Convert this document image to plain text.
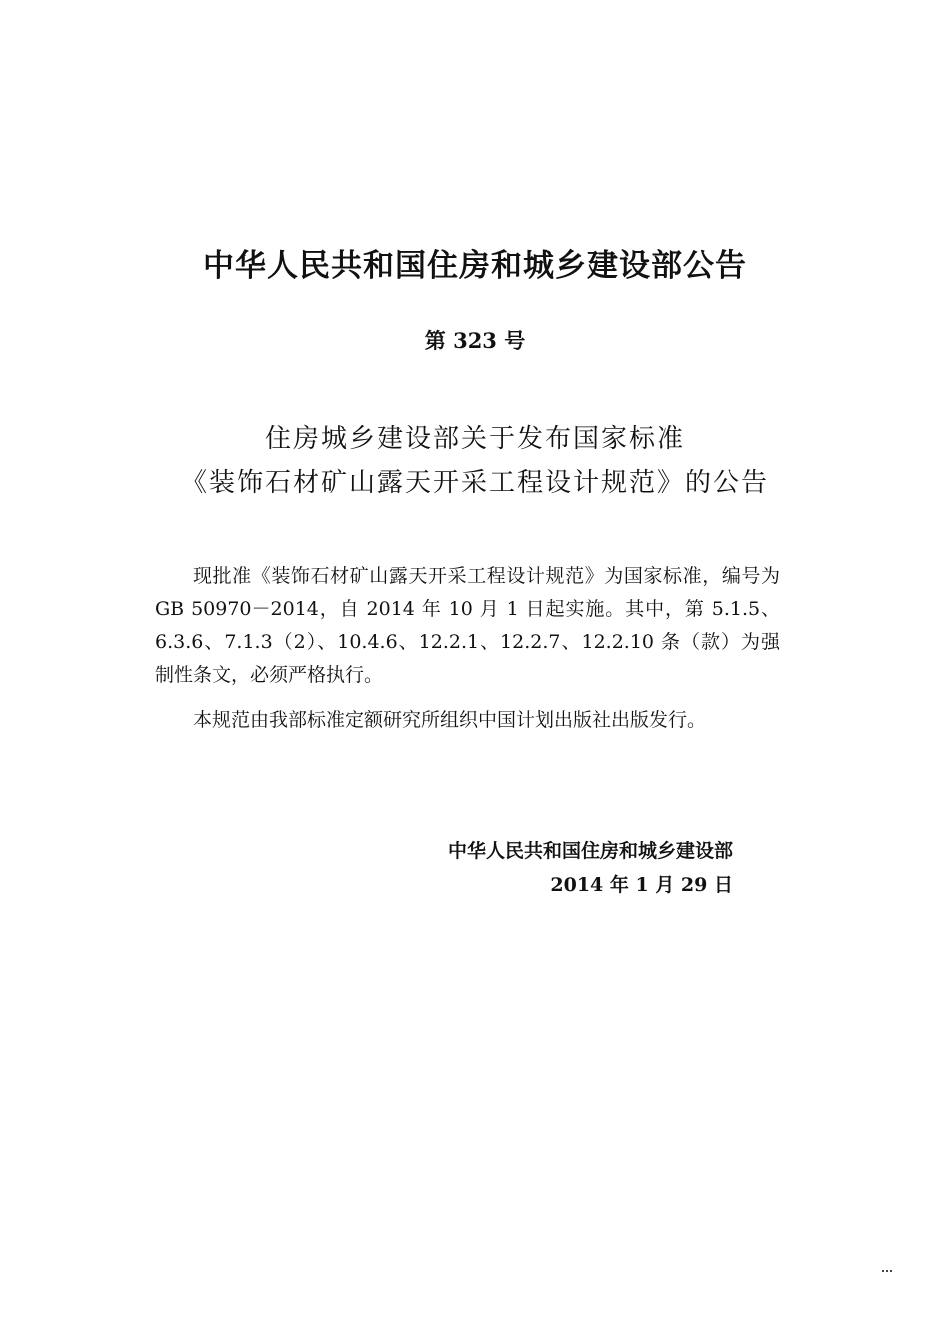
中华人民共和国住房和城乡建设部公告
第 323 号
住房城乡建设部关于发布国家标准
《装饰石材矿山露天开采工程设计规范》的公告

现批准《装饰石材矿山露天开采工程设计规范》为国家标准，编号为GB 50970－2014，自 2014 年 10 月 1 日起实施。其中，第 5.1.5、6.3.6、7.1.3（2）、10.4.6、12.2.1、12.2.7、12.2.10 条（款）为强制性条文，必须严格执行。

本规范由我部标准定额研究所组织中国计划出版社出版发行。

中华人民共和国住房和城乡建设部
2014 年 1 月 29 日
